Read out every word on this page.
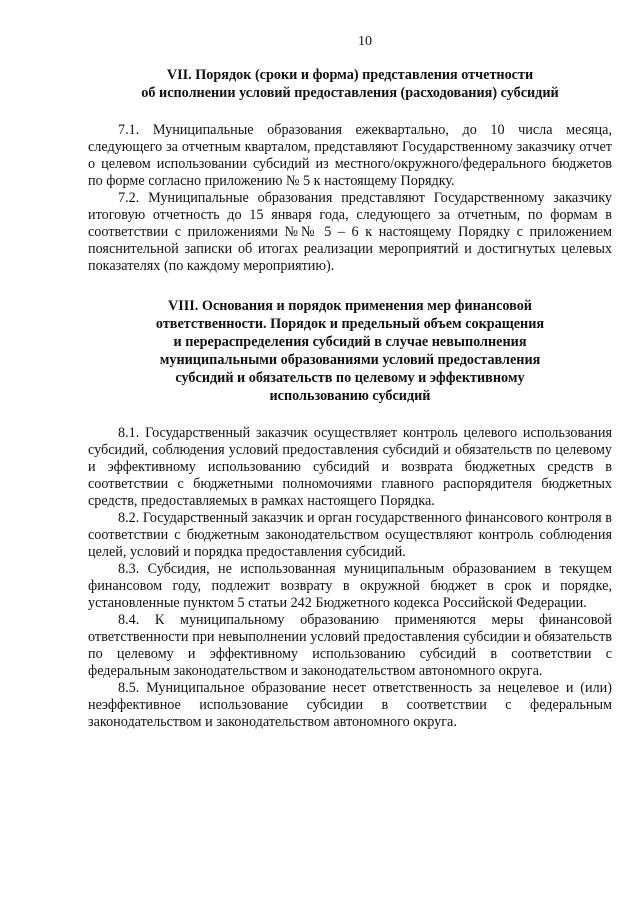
10
VII. Порядок (сроки и форма) представления отчетности
об исполнении условий предоставления (расходования) субсидий

7.1. Муниципальные образования ежеквартально, до 10 числа месяца, следующего за отчетным кварталом, представляют Государственному заказчику отчет о целевом использовании субсидий из местного/окружного/федерального бюджетов по форме согласно приложению № 5 к настоящему Порядку.

7.2. Муниципальные образования представляют Государственному заказчику итоговую отчетность до 15 января года, следующего за отчетным, по формам в соответствии с приложениями №№ 5 – 6 к настоящему Порядку с приложением пояснительной записки об итогах реализации мероприятий и достигнутых целевых показателях (по каждому мероприятию).

VIII. Основания и порядок применения мер финансовой
ответственности. Порядок и предельный объем сокращения
и перераспределения субсидий в случае невыполнения
муниципальными образованиями условий предоставления
субсидий и обязательств по целевому и эффективному
использованию субсидий

8.1. Государственный заказчик осуществляет контроль целевого использования субсидий, соблюдения условий предоставления субсидий и обязательств по целевому и эффективному использованию субсидий и возврата бюджетных средств в соответствии с бюджетными полномочиями главного распорядителя бюджетных средств, предоставляемых в рамках настоящего Порядка.

8.2. Государственный заказчик и орган государственного финансового контроля в соответствии с бюджетным законодательством осуществляют контроль соблюдения целей, условий и порядка предоставления субсидий.

8.3. Субсидия, не использованная муниципальным образованием в текущем финансовом году, подлежит возврату в окружной бюджет в срок и порядке, установленные пунктом 5 статьи 242 Бюджетного кодекса Российской Федерации.

8.4. К муниципальному образованию применяются меры финансовой ответственности при невыполнении условий предоставления субсидии и обязательств по целевому и эффективному использованию субсидий в соответствии с федеральным законодательством и законодательством автономного округа.

8.5. Муниципальное образование несет ответственность за нецелевое и (или) неэффективное использование субсидии в соответствии с федеральным законодательством и законодательством автономного округа.
